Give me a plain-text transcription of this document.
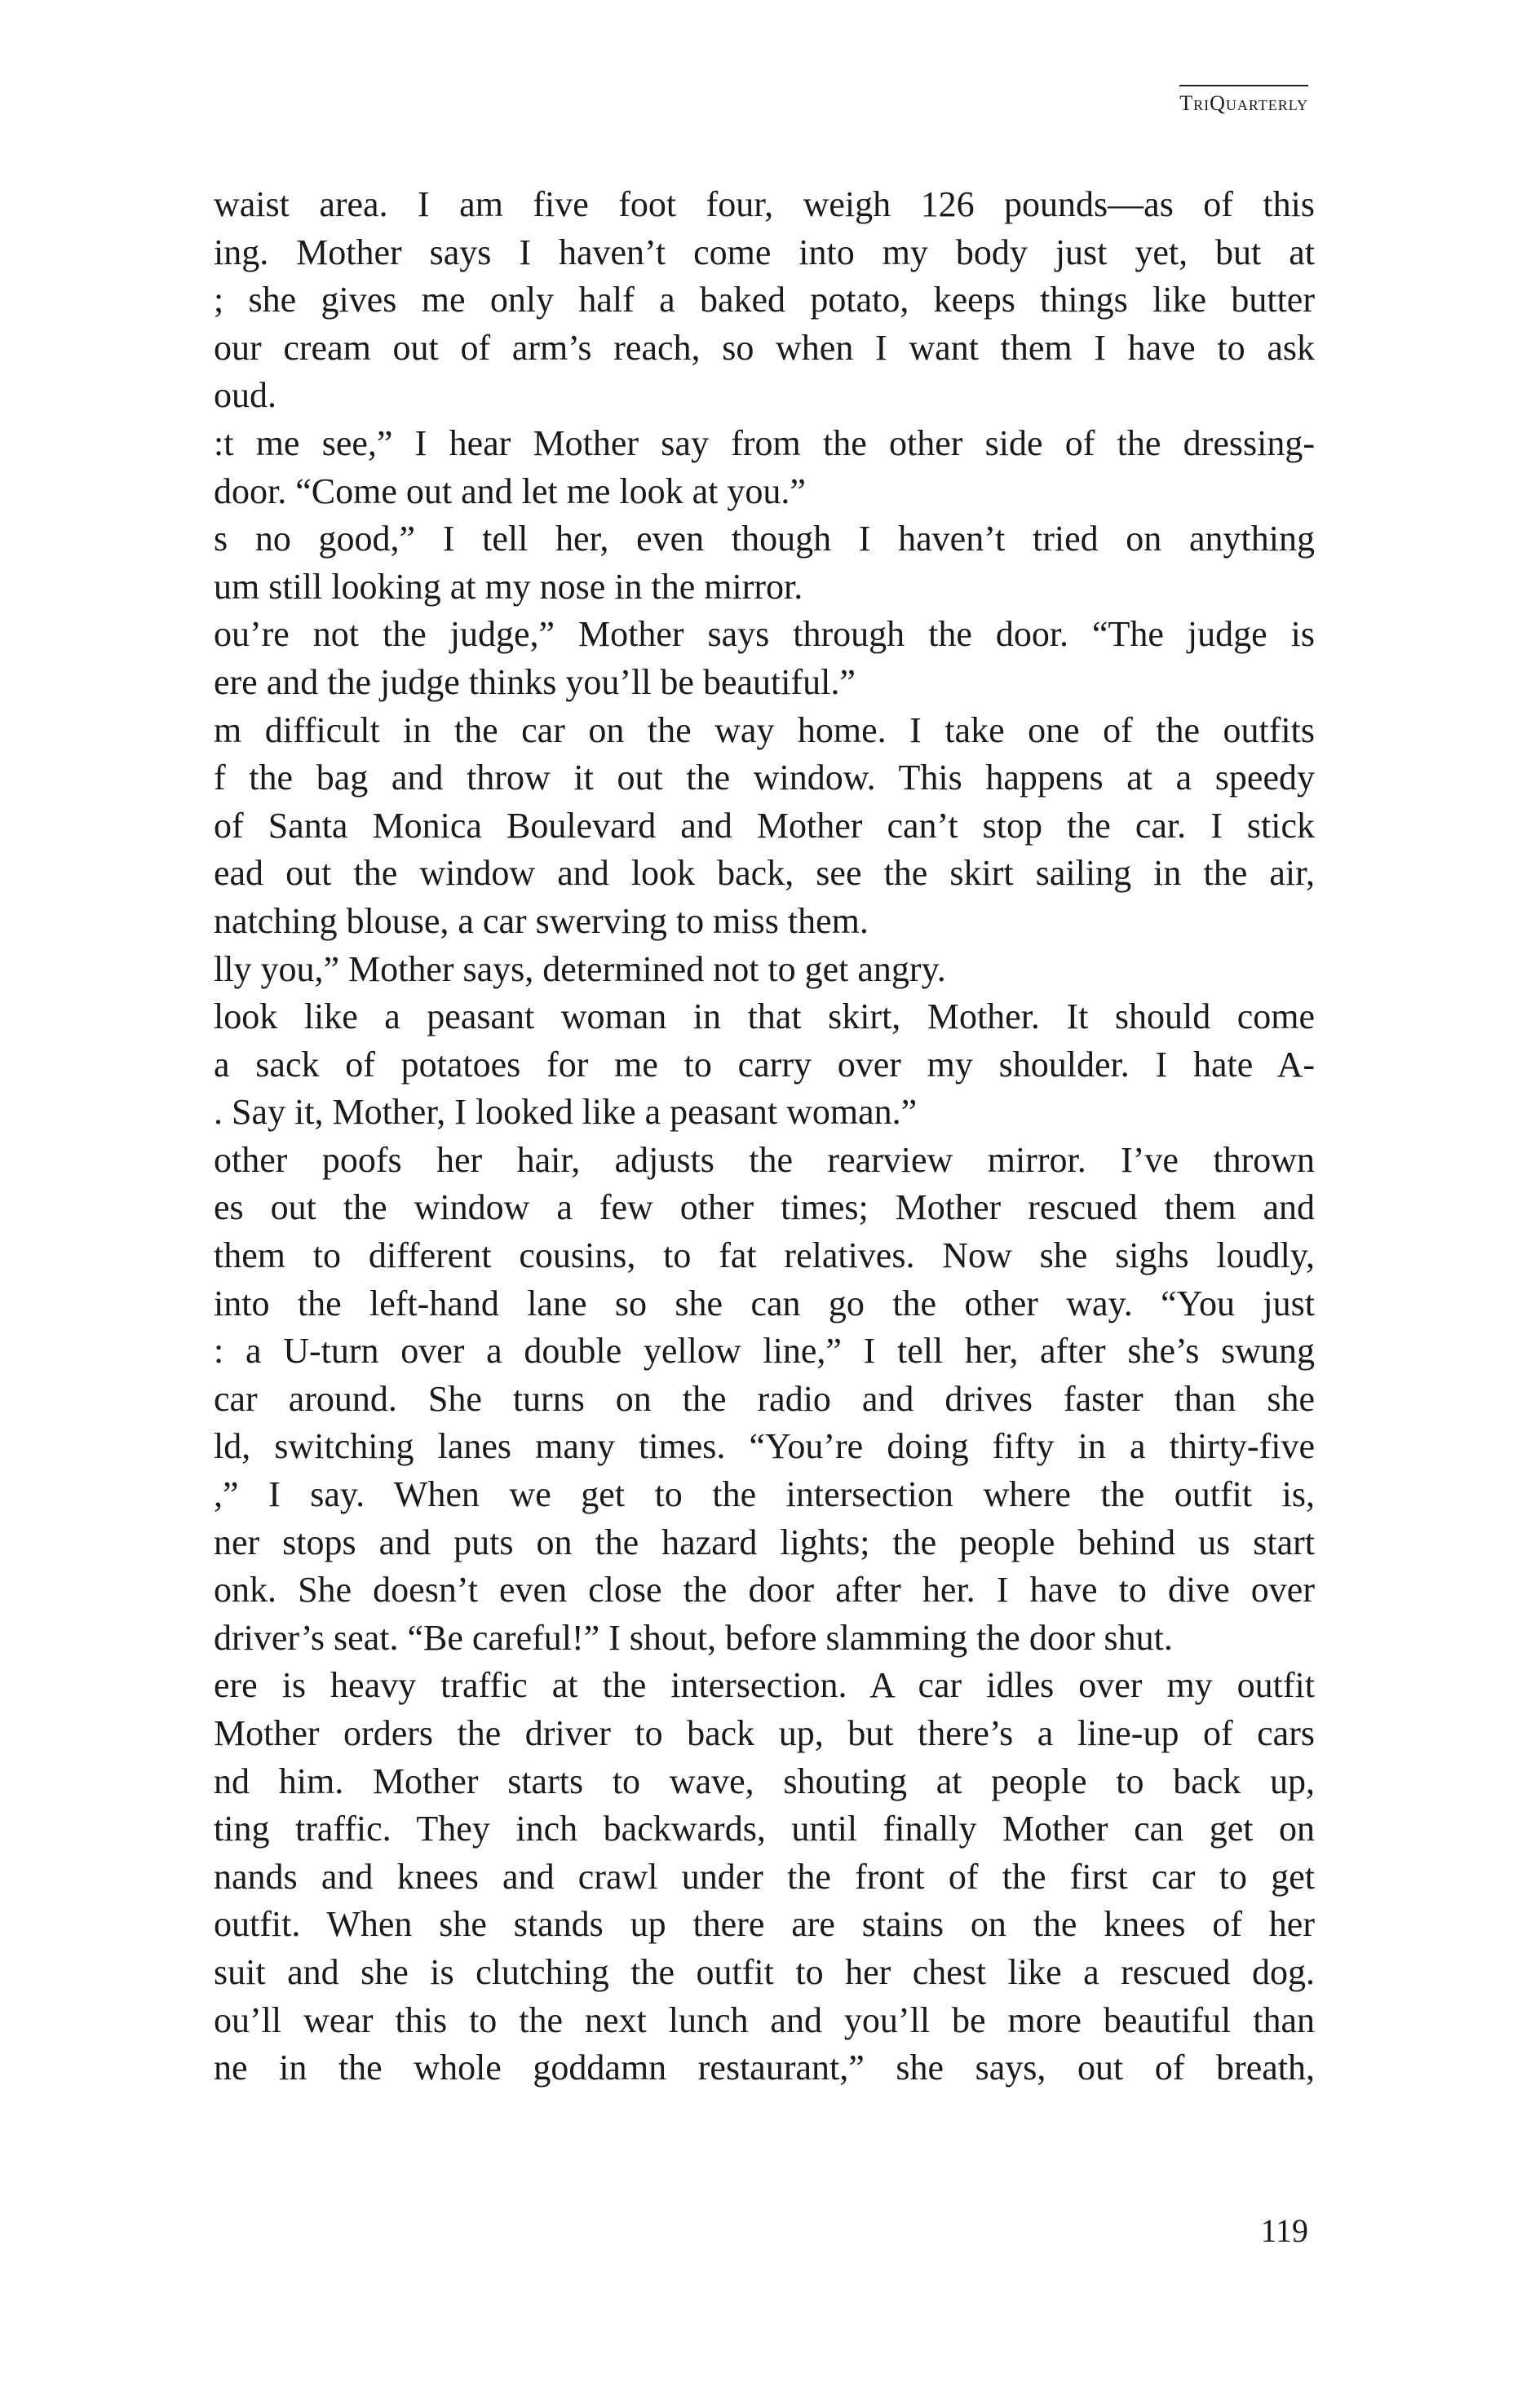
TriQuarterly
waist area. I am five foot four, weigh 126 pounds—as of this
ing. Mother says I haven’t come into my body just yet, but at
; she gives me only half a baked potato, keeps things like butter
our cream out of arm’s reach, so when I want them I have to ask
oud.
:t me see,” I hear Mother say from the other side of the dressing-
door. “Come out and let me look at you.”
s no good,” I tell her, even though I haven’t tried on anything
um still looking at my nose in the mirror.
ou’re not the judge,” Mother says through the door. “The judge is
ere and the judge thinks you’ll be beautiful.”
m difficult in the car on the way home. I take one of the outfits
f the bag and throw it out the window. This happens at a speedy
of Santa Monica Boulevard and Mother can’t stop the car. I stick
ead out the window and look back, see the skirt sailing in the air,
natching blouse, a car swerving to miss them.
lly you,” Mother says, determined not to get angry.
look like a peasant woman in that skirt, Mother. It should come
a sack of potatoes for me to carry over my shoulder. I hate A-
. Say it, Mother, I looked like a peasant woman.”
other poofs her hair, adjusts the rearview mirror. I’ve thrown
es out the window a few other times; Mother rescued them and
them to different cousins, to fat relatives. Now she sighs loudly,
into the left-hand lane so she can go the other way. “You just
: a U-turn over a double yellow line,” I tell her, after she’s swung
car around. She turns on the radio and drives faster than she
ld, switching lanes many times. “You’re doing fifty in a thirty-five
,” I say. When we get to the intersection where the outfit is,
ner stops and puts on the hazard lights; the people behind us start
onk. She doesn’t even close the door after her. I have to dive over
driver’s seat. “Be careful!” I shout, before slamming the door shut.
ere is heavy traffic at the intersection. A car idles over my outfit
Mother orders the driver to back up, but there’s a line-up of cars
nd him. Mother starts to wave, shouting at people to back up,
ting traffic. They inch backwards, until finally Mother can get on
nands and knees and crawl under the front of the first car to get
outfit. When she stands up there are stains on the knees of her
suit and she is clutching the outfit to her chest like a rescued dog.
ou’ll wear this to the next lunch and you’ll be more beautiful than
ne in the whole goddamn restaurant,” she says, out of breath,
119
